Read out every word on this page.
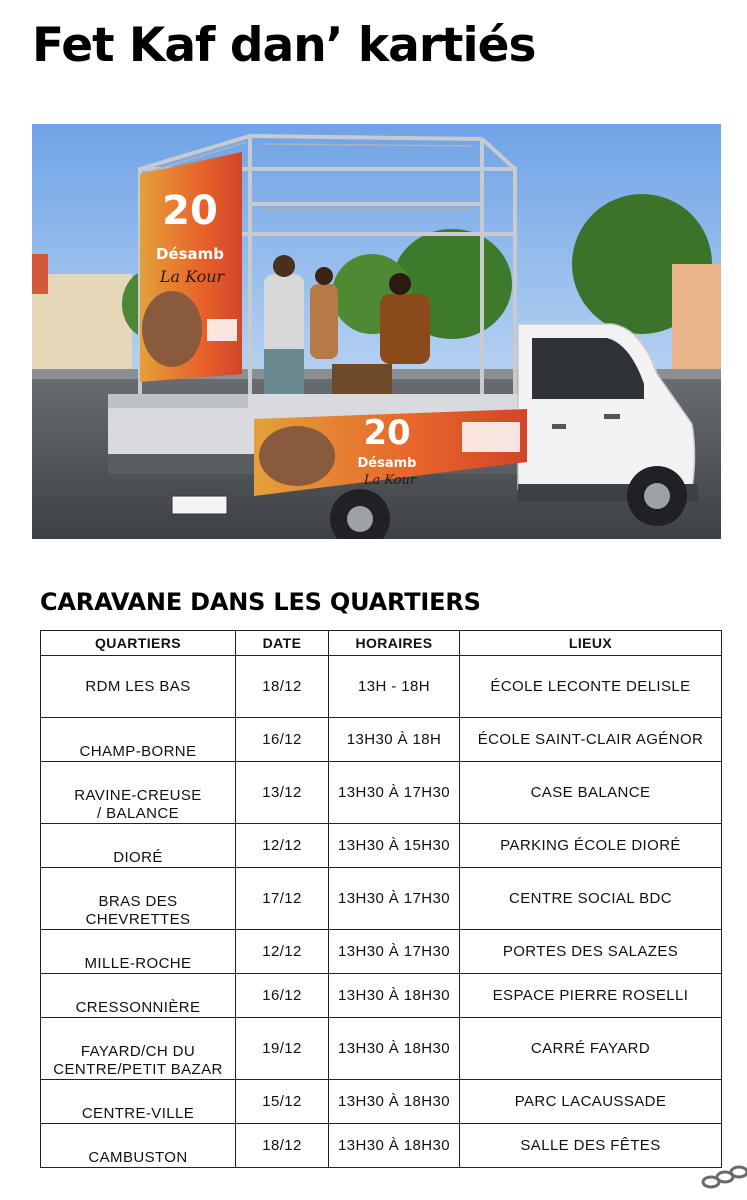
Fet Kaf dan’ kartiés
20
Désamb
La Kour
20
Désamb
La Kour
CARAVANE DANS LES QUARTIERS
QUARTIERS	DATE	HORAIRES	LIEUX
RDM LES BAS	18/12	13H - 18H	ÉCOLE LECONTE DELISLE
CHAMP-BORNE	16/12	13H30 À 18H	ÉCOLE SAINT-CLAIR AGÉNOR
RAVINE-CREUSE
/ BALANCE	13/12	13H30 À 17H30	CASE BALANCE
DIORÉ	12/12	13H30 À 15H30	PARKING ÉCOLE DIORÉ
BRAS DES
CHEVRETTES	17/12	13H30 À 17H30	CENTRE SOCIAL BDC
MILLE-ROCHE	12/12	13H30 À 17H30	PORTES DES SALAZES
CRESSONNIÈRE	16/12	13H30 À 18H30	ESPACE PIERRE ROSELLI
FAYARD/CH DU
CENTRE/PETIT BAZAR	19/12	13H30 À 18H30	CARRÉ FAYARD
CENTRE-VILLE	15/12	13H30 À 18H30	PARC LACAUSSADE
CAMBUSTON	18/12	13H30 À 18H30	SALLE DES FÊTES
